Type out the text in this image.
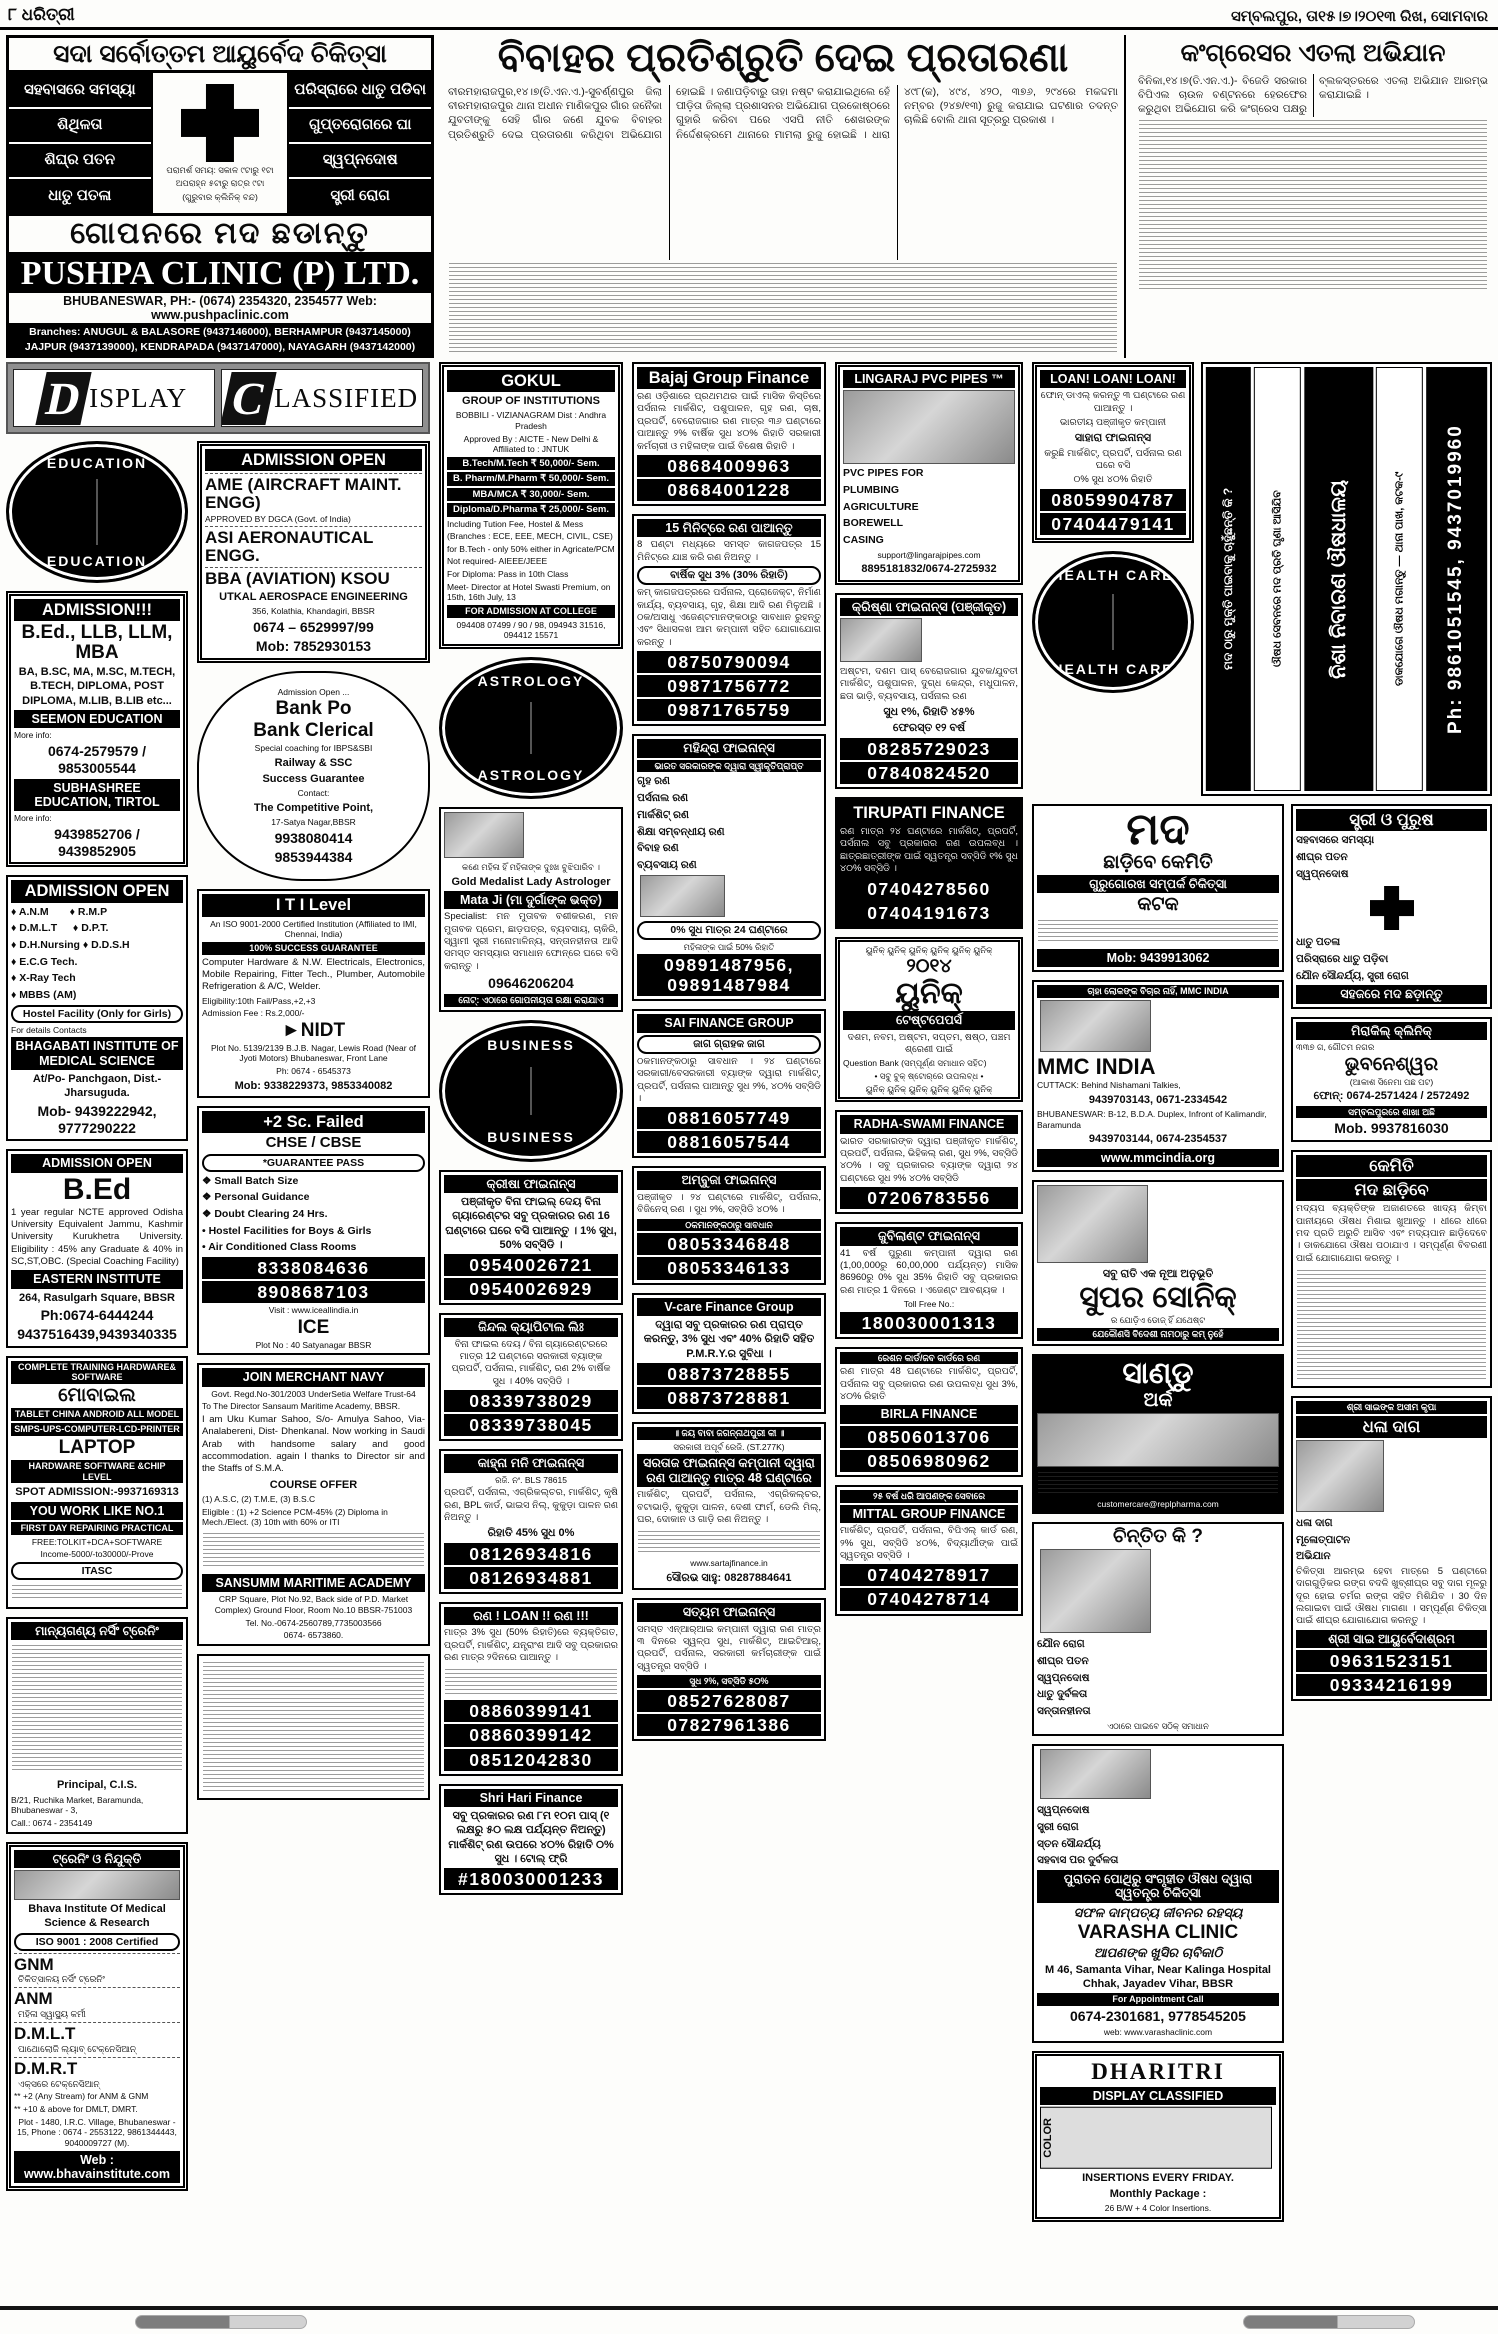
୮ ଧରିତ୍ରୀ	ସମ୍ବଲପୁର, ତା୧୫।୭।୨୦୧୩ ରିଖ, ସୋମବାର
ସଦା ସର୍ବୋତ୍ତମ ଆୟୁର୍ବେଦ ଚିକିତ୍ସା
ସହବାସରେ ସମସ୍ୟା
ଶିଥିଳତା
ଶିଘ୍ର ପତନ
ଧାତୁ ପତଳା
ପରାମର୍ଶ ସମୟ: ସକାଳ ୯ଟାରୁ ୧ଟା
ଅପରାହ୍ନ ୫ଟାରୁ ରାତ୍ର ୯ଟା
(ଗୁରୁବାର କ୍ଲିନିକ୍ ବନ୍ଦ)
ପରିସ୍ରାରେ ଧାତୁ ପଡିବା
ଗୁପ୍ତରୋଗରେ ଘା
ସ୍ୱପ୍ନଦୋଷ
ସ୍ତ୍ରୀ ରୋଗ
ଗୋପନରେ ମଦ ଛଡାନ୍ତୁ
PUSHPA CLINIC (P) LTD.
BHUBANESWAR, PH:- (0674) 2354320, 2354577 Web: www.pushpaclinic.com
Branches: ANUGUL & BALASORE (9437146000), BERHAMPUR (9437145000)
JAJPUR (9437139000), KENDRAPADA (9437147000), NAYAGARH (9437142000)
ବିବାହର ପ୍ରତିଶ୍ରୁତି ଦେଇ ପ୍ରତାରଣା
ବୀରମହାରାଜପୁର,୧୪।୭(ତି.ଏନ.ଏ.)-ସୁବର୍ଣ୍ଣପୁର ଜିଲା ବୀରମହାରାଜପୁର ଥାନା ଅଧୀନ ମାଣିକପୁର ଗାଁର ଜନୈକା ଯୁବତୀଙ୍କୁ ସେହି ଗାଁର ଜଣେ ଯୁବକ ବିବାହର ପ୍ରତିଶ୍ରୁତି ଦେଇ ପ୍ରତାରଣା କରିଥିବା ଅଭିଯୋଗ ହୋଇଛି । ଜଣାପଡ଼ିବାରୁ ତାହା ନଷ୍ଟ କରାଯାଇଥିଲେ ହେଁ ପୀଡ଼ିତା ଜିଲ୍ଲା ପ୍ରଶାସନର ଅଭିଯୋଗ ପ୍ରକୋଷ୍ଠରେ ଗୁହାରି କରିବା ପରେ ଏସପି ନୀତି ଶେଖରଙ୍କ ନିର୍ଦ୍ଦେଶକ୍ରମେ ଥାନାରେ ମାମଲା ରୁଜୁ ହୋଇଛି । ଧାରା ୪୯୮(କ), ୪୯୪, ୪୨୦, ୩୭୬, ୨୯୪ରେ ମକଦ୍ଦମା ନମ୍ବର (୨୪୭/୧୩) ରୁଜୁ କରାଯାଇ ଘଟଣାର ତଦନ୍ତ ଚାଲିଛି ବୋଲି ଥାନା ସୂତ୍ରରୁ ପ୍ରକାଶ ।
କଂଗ୍ରେସର ଏତଲା ଅଭିଯାନ
ବିନିକା,୧୪।୭(ତି.ଏନ.ଏ.)- ବିଜେଡି ସରକାର ବିପିଏଲ ଚାଉଳ ବଣ୍ଟନରେ ହେରଫେର କରୁଥିବା ଅଭିଯୋଗ କରି କଂଗ୍ରେସ ପକ୍ଷରୁ ବ୍ଲକସ୍ତରରେ ଏତଲା ଅଭିଯାନ ଆରମ୍ଭ କରାଯାଇଛି ।
D ISPLAY C LASSIFIED
EDUCATION
EDUCATION
ADMISSION!!!
B.Ed., LLB, LLM, MBA
BA, B.SC, MA, M.SC, M.TECH, B.TECH, DIPLOMA, POST DIPLOMA, M.LIB, B.LIB etc...
SEEMON EDUCATION
More info:
0674-2579579 / 9853005544
SUBHASHREE EDUCATION, TIRTOL
More info:
9439852706 / 9439852905
ADMISSION OPEN
♦ A.N.M  ♦ R.M.P
♦ D.M.L.T  ♦ D.P.T.
♦ D.H.Nursing ♦ D.D.S.H
♦ E.C.G Tech.
♦ X-Ray Tech
♦ MBBS (AM)
Hostel Facility (Only for Girls)
For details Contacts
BHAGABATI INSTITUTE OF MEDICAL SCIENCE
At/Po- Panchgaon, Dist.- Jharsuguda.
Mob- 9439222942, 9777290222
ADMISSION OPEN
B.Ed
1 year regular NCTE approved Odisha University Equivalent Jammu, Kashmir University Kurukhetra University. Eligibility : 45% any Graduate & 40% in SC,ST,OBC. (Special Coaching Facility)
EASTERN INSTITUTE
264, Rasulgarh Square, BBSR
Ph:0674-6444244
9437516439,9439340335
COMPLETE TRAINING HARDWARE& SOFTWARE
ମୋବାଇଲ
TABLET CHINA ANDROID ALL MODEL
SMPS-UPS-COMPUTER-LCD-PRINTER
LAPTOP
HARDWARE SOFTWARE &CHIP LEVEL
SPOT ADMISSION:-9937169313
YOU WORK LIKE NO.1
FIRST DAY REPAIRING PRACTICAL
FREE:TOLKIT+DCA+SOFTWARE
Income-5000/-to30000/-Prove
ITASC
ମାନ୍ୟଗଣ୍ୟ ନର୍ସିଂ ଟ୍ରେନିଂ
Principal, C.I.S.
B/21, Ruchika Market, Baramunda, Bhubaneswar - 3,
Call.: 0674 - 2354149
ଟ୍ରେନିଂ ଓ ନିଯୁକ୍ତି
Bhava Institute Of Medical Science & Research
ISO 9001 : 2008 Certified
GNM
ଚିକିତ୍ସାଳୟ ନର୍ସିଂ ଟ୍ରେନିଂ
ANM
ମହିଳା ସ୍ୱାସ୍ଥ୍ୟ କର୍ମୀ
D.M.L.T
ପାଥୋଲୋଜି ଲ୍ୟାବ୍ ଟେକ୍ନେସିଆନ୍
D.M.R.T
ଏକ୍ସରେ ଟେକ୍ନେସିଆନ୍
** +2 (Any Stream) for ANM & GNM
** +10 & above for DMLT, DMRT.
Plot - 1480, I.R.C. Village, Bhubaneswar - 15, Phone : 0674 - 2553122, 9861344443, 9040009727 (M).
Web : www.bhavainstitute.com
ADMISSION OPEN
AME (AIRCRAFT MAINT. ENGG)
APPROVED BY DGCA (Govt. of India)
ASI AERONAUTICAL ENGG.
BBA (AVIATION) KSOU
UTKAL AEROSPACE ENGINEERING
356, Kolathia, Khandagiri, BBSR
0674 – 6529997/99
Mob: 7852930153
Admission Open ...
Bank Po
Bank Clerical
Special coaching for IBPS&SBI
Railway & SSC
Success Guarantee
Contact:
The Competitive Point,
17-Satya Nagar,BBSR
9938080414
9853944384
I T I Level
An ISO 9001-2000 Certified Institution (Affiliated to IMI, Chennai, India)
100% SUCCESS GUARANTEE
Computer Hardware & N.W. Electricals, Electronics, Mobile Repairing, Fitter Tech., Plumber, Automobile Refrigeration & A/C, Welder.
Eligibility:10th Fail/Pass,+2,+3
Admission Fee : Rs.2,000/-
►NIDT
Plot No. 5139/2139 B.J.B. Nagar, Lewis Road (Near of Jyoti Motors) Bhubaneswar, Front Lane
Ph: 0674 - 6545373
Mob: 9338229373, 9853340082
+2 Sc. Failed
CHSE / CBSE
*GUARANTEE PASS
❖ Small Batch Size
❖ Personal Guidance
❖ Doubt Clearing 24 Hrs.
• Hostel Facilities for Boys & Girls
• Air Conditioned Class Rooms
8338084636
8908687103
Visit : www.iceallindia.in
ICE
Plot No : 40 Satyanagar BBSR
JOIN MERCHANT NAVY
Govt. Regd.No-301/2003 UnderSetia Welfare Trust-64
To The Director Sansaum Maritime Academy, BBSR.
I am Uku Kumar Sahoo, S/o- Amulya Sahoo, Via- Analabereni, Dist- Dhenkanal. Now working in Saudi Arab with handsome salary and good accommodation. again I thanks to Director sir and the Staffs of S.M.A.
COURSE OFFER
(1) A.S.C, (2) T.M.E, (3) B.S.C
Eligible : (1) +2 Science PCM-45% (2) Diploma in Mech./Elect. (3) 10th with 60% or ITI
SANSUMM MARITIME ACADEMY
CRP Square, Plot No.92, Back side of P.D. Market Complex) Ground Floor, Room No.10 BBSR-751003
Tel. No.-0674-2560789,7735003566
0674- 6573860.
GOKUL
GROUP OF INSTITUTIONS
BOBBILI - VIZIANAGRAM Dist : Andhra Pradesh
Approved By : AICTE - New Delhi & Affiliated to : JNTUK
B.Tech/M.Tech ₹ 50,000/- Sem.
B. Pharm/M.Pharm ₹ 50,000/- Sem.
MBA/MCA ₹ 30,000/- Sem.
Diploma/D.Pharma ₹ 25,000/- Sem.
Including Tution Fee, Hostel & Mess
(Branches : ECE, EEE, MECH, CIVIL, CSE)
for B.Tech - only 50% either in Agricate/PCM
Not required- AIEEE/JEEE
For Diploma: Pass in 10th Class
Meet- Director at Hotel Swasti Premium, on 15th, 16th July, 13
FOR ADMISSION AT COLLEGE
094408 07499 / 90 / 98, 094943 31516, 094412 15571
ASTROLOGY
ASTROLOGY
କଣେ ମହିଳା ହିଁ ମହିଳାଙ୍କ ଦୁଃଖ ବୁଝିପାରିବ ।
Gold Medalist Lady Astrologer
Mata Ji (ମା ଦୁର୍ଗାଙ୍କ ଭକ୍ତ)
Specialist: ମନ ମୁତାବକ ବଶୀକରଣ, ମନ ମୁତାବକ ପ୍ରେମ, ଛାଡ଼ପତ୍ର, ବ୍ୟବସାୟ, ଚାକିରି, ସ୍ୱାମୀ ସ୍ତ୍ରୀ ମନୋମାଳିନ୍ୟ, ସନ୍ତାନହୀନତା ଆଦି ସମସ୍ତ ସମସ୍ୟାର ସମାଧାନ ଫୋନ୍‌ରେ ଘରେ ବସି କରାନ୍ତୁ ।
09646206204
ନୋଟ୍: ଏଠାରେ ଗୋପନୀୟତା ରକ୍ଷା କରାଯାଏ
BUSINESS
BUSINESS
କ୍ରୀଷା ଫାଇନାନ୍ସ
ପଞ୍ଜୀକୃତ ବିନା ଫାଇଲ୍ ଦେୟ ବିନା ଗ୍ୟାରେଣ୍ଟର ସବୁ ପ୍ରକାରର ରଣ 16 ଘଣ୍ଟାରେ ଘରେ ବସି ପାଆନ୍ତୁ । 1% ସୁଧ, 50% ସବ୍‌ସିଡି ।
09540026721
09540026929
ଜିନ୍ଦଲ କ୍ୟାପିଟାଲ ଲିଃ
ବିନା ଫାଇଲ ଦେୟ / ବିନା ଗ୍ୟାରେଣ୍ଟରରେ ମାତ୍ର 12 ଘଣ୍ଟାରେ ସରକାରୀ ବ୍ୟାଙ୍କ ପ୍ରପର୍ଟି, ପର୍ସନାଲ, ମାର୍କଶିଟ୍, ରଣ 2% ବାର୍ଷିକ ସୁଧ । 40% ସବ୍‌ସିଡି ।
08339738029
08339738045
କାହ୍ନା ମନି ଫାଇନାନ୍ସ
ରଜି. ନଂ. BLS 78615
ପ୍ରପର୍ଟି, ପର୍ସନାଲ, ଏଗ୍ରିକଲ୍ଚର, ମାର୍କଶିଟ୍, କୃଷି ରଣ, BPL କାର୍ଡ, ଭାଇସ ନିଲ୍, କୁକୁଡ଼ା ପାଳନ ରଣ ନିଅନ୍ତୁ ।
ରିହାତି 45% ସୁଧ 0%
08126934816
08126934881
ରଣ ! LOAN !! ରଣ !!!
ମାତ୍ର 3% ସୁଧ (50% ରିହାତି)ରେ ବ୍ୟକ୍ତିଗତ, ପ୍ରପର୍ଟି, ମାର୍କଶିଟ୍, ଯନ୍ତ୍ରାଂଶ ଆଦି ସବୁ ପ୍ରକାରର ରଣ ମାତ୍ର ୨ଦିନରେ ପାଆନ୍ତୁ ।
08860399141
08860399142
08512042830
Shri Hari Finance
ସବୁ ପ୍ରକାରର ରଣ ୮ମ ୧୦ମ ପାସ୍ (୧ ଲକ୍ଷରୁ ୫୦ ଲକ୍ଷ ପର୍ଯ୍ୟନ୍ତ ନିଅନ୍ତୁ) ମାର୍କଶିଟ୍ ରଣ ଉପରେ ୪୦% ରିହାତି ୦% ସୁଧ । ଟୋଲ୍ ଫ୍ରି
#180030001233
Bajaj Group Finance
ରଣ ଓଡ଼ିଶାରେ ପ୍ରଥମଥର ପାଇଁ ମାସିକ କିସ୍ତିରେ ପର୍ସନାଲ ମାର୍କଶିଟ୍, ପଶୁପାଳନ, ଗୃହ ରଣ, ଚାଷ, ପ୍ରପର୍ଟି, ବେରୋଜଗାର ରଣ ମାତ୍ର ୩୬ ଘଣ୍ଟାରେ ପାଆନ୍ତୁ ୨% ବାର୍ଷିକ ସୁଧ ୪୦% ରିହାତି ସରକାରୀ କର୍ମଚାରୀ ଓ ମହିଳାଙ୍କ ପାଇଁ ବିଶେଷ ରିହାତି ।
08684009963
08684001228
15 ମିନିଟ୍‌ରେ ରଣ ପାଆନ୍ତୁ
8 ଘଣ୍ଟା ମଧ୍ୟରେ ସମସ୍ତ କାଗଜପତ୍ର 15 ମିନିଟ୍‌ରେ ଯାଞ୍ଚ କରି ରଣ ନିଅନ୍ତୁ ।
ବାର୍ଷିକ ସୁଧ 3% (30% ରିହାତି)
କମ୍ କାଗଜପତ୍ରରେ ପର୍ସନାଲ, ପ୍ରୋଜେକ୍ଟ, ନିର୍ମାଣ କାର୍ଯ୍ୟ, ବ୍ୟବସାୟ, ଗୃହ, ଶିକ୍ଷା ଆଦି ରଣ ମିଳୁଅଛି । ଠକ/ଅସାଧୁ ଏଜେଣ୍ଟମାନଙ୍କଠାରୁ ସାବଧାନ ରୁହନ୍ତୁ ଏବଂ ସିଧାସଳଖ ଆମ କମ୍ପାନୀ ସହିତ ଯୋଗାଯୋଗ କରନ୍ତୁ ।
08750790094
09871756772
09871765759
ମହିନ୍ଦ୍ରା ଫାଇନାନ୍ସ
ଭାରତ ସରକାରଙ୍କ ଦ୍ୱାରା ସ୍ୱୀକୃତିପ୍ରାପ୍ତ
ଗୃହ ରଣ
ପର୍ସନାଲ ରଣ
ମାର୍କଶିଟ୍ ରଣ
ଶିକ୍ଷା ସମ୍ବନ୍ଧୀୟ ରଣ
ବିବାହ ରଣ
ବ୍ୟବସାୟ ରଣ
0% ସୁଧ ମାତ୍ର 24 ଘଣ୍ଟାରେ
ମହିଳାଙ୍କ ପାଇଁ 50% ରିହାତି
09891487956, 09891487984
SAI FINANCE GROUP
ଜାଗ ଗ୍ରାହକ ଜାଗ
ଠକମାନଙ୍କଠାରୁ ସାବଧାନ । ୨୪ ଘଣ୍ଟାରେ ସରକାରୀ/ବେସରକାରୀ ବ୍ୟାଙ୍କ ଦ୍ୱାରା ମାର୍କଶିଟ୍, ପ୍ରପର୍ଟି, ପର୍ସନାଲ ପାଆନ୍ତୁ ସୁଧ ୨%, ୪୦% ସବ୍‌ସିଡି ।
08816057749
08816057544
ଅମ୍ବୁଜା ଫାଇନାନ୍ସ
ପଞ୍ଜୀକୃତ । ୨୪ ଘଣ୍ଟାରେ ମାର୍କଶିଟ୍, ପର୍ସନାଲ, ବିଜିନେସ୍ ରଣ । ସୁଧ ୨%, ସବ୍‌ସିଡି ୪୦% ।
ଠକମାନଙ୍କଠାରୁ ସାବଧାନ
08053346848
08053346133
V-care Finance Group
ଦ୍ୱାରା ସବୁ ପ୍ରକାରର ରଣ ପ୍ରାପ୍ତ କରନ୍ତୁ, 3% ସୁଧ ଏବଂ 40% ରିହାତି ସହିତ P.M.R.Y.ର ସୁବିଧା ।
08873728855
08873728881
॥ ଜୟ ବାବା ଜଗନ୍ନାଥପୁରୀ କୀ ॥
ସରକାରୀ ଅପୂର୍ବ ରେଜି. (ST.277K)
ସରତାଜ ଫାଇନାନ୍ସ କମ୍ପାନୀ ଦ୍ୱାରା ରଣ ପାଆନ୍ତୁ ମାତ୍ର 48 ଘଣ୍ଟାରେ
ମାର୍କଶିଟ୍, ପ୍ରପର୍ଟି, ପର୍ସନାଲ, ଏଗ୍ରିକଲ୍ଚର, ବଟାଭାଡ଼ି, କୁକୁଡ଼ା ପାଳନ, ଦେଶୀ ଫାର୍ମ, ଡେଲି ମିଲ୍, ଘର, ଦୋକାନ ଓ ଗାଡ଼ି ରଣ ନିଅନ୍ତୁ ।
www.sartajfinance.in
ସୌରଭ ସାହୁ: 08287884641
ସତ୍ୟମ ଫାଇନାନ୍ସ
ସମସ୍ତ ଏନ୍‌ଆର୍‌ଆଇ କମ୍ପାନୀ ଦ୍ୱାରା ରଣ ମାତ୍ର ୩ ଦିନରେ ସ୍ୱଳ୍ପ ସୁଧ, ମାର୍କଶିଟ୍, ଆଇଟିଆର୍, ପ୍ରପର୍ଟି, ପର୍ସନାଲ, ସରକାରୀ କର୍ମଚାରୀଙ୍କ ପାଇଁ ସ୍ୱତନ୍ତ୍ର ସବ୍‌ସିଡି ।
ସୁଧ ୨%, ସବ୍‌ସିଡି ୫୦%
08527628087
07827961386
LINGARAJ PVC PIPES ™
PVC PIPES FOR
PLUMBING
AGRICULTURE
BOREWELL
CASING
support@lingarajpipes.com
8895181832/0674-2725932
କ୍ରିଷ୍ଣା ଫାଇନାନ୍ସ (ପଞ୍ଜୀକୃତ)
ଅଷ୍ଟମ, ଦଶମ ପାସ୍ ବେରୋଜଗାର ଯୁବକ/ଯୁବତୀ ମାର୍କଶିଟ୍, ପଶୁପାଳନ, ଦୁଗ୍ଧ କେନ୍ଦ୍ର, ମଧୁପାଳନ, ଛତା ଭାଡ଼ି, ବ୍ୟବସାୟ, ପର୍ସନାଲ ରଣ
ସୁଧ ୧%, ରିହାତି ୪୫%
ଫେରସ୍ତ ୧୨ ବର୍ଷ
08285729023
07840824520
TIRUPATI FINANCE
ରଣ ମାତ୍ର ୨୪ ଘଣ୍ଟାରେ ମାର୍କଶିଟ୍, ପ୍ରପର୍ଟି, ପର୍ସନାଲ ସବୁ ପ୍ରକାରର ରଣ ଉପଲବ୍ଧ । ଛାତ୍ରଛାତ୍ରୀଙ୍କ ପାଇଁ ସ୍ୱତନ୍ତ୍ର ସବ୍‌ସିଡି ୧% ସୁଧ ୪୦% ସବ୍‌ସିଡି ।
07404278560
07404191673
ୟୁନିକ୍ ୟୁନିକ୍ ୟୁନିକ୍ ୟୁନିକ୍ ୟୁନିକ୍ ୟୁନିକ୍
୨୦୧୪
ୟୁନିକ୍
ଟେଷ୍ଟପେପର୍ସ
ଦଶମ, ନବମ, ଅଷ୍ଟମ, ସପ୍ତମ, ଷଷ୍ଠ, ପଞ୍ଚମ ଶ୍ରେଣୀ ପାଇଁ
Question Bank (ସମ୍ପୂର୍ଣ୍ଣ ସମାଧାନ ସହିତ)
• ସବୁ ବୁକ୍ ଷ୍ଟୋର୍‌ରେ ଉପଲବ୍ଧ •
ୟୁନିକ୍ ୟୁନିକ୍ ୟୁନିକ୍ ୟୁନିକ୍ ୟୁନିକ୍ ୟୁନିକ୍
RADHA-SWAMI FINANCE
ଭାରତ ସରକାରଙ୍କ ଦ୍ୱାରା ପଞ୍ଜୀକୃତ ମାର୍କଶିଟ୍, ପ୍ରପର୍ଟି, ପର୍ସନାଲ, ଭିହିକଲ୍ ରଣ, ସୁଧ ୨%, ସବ୍‌ସିଡି ୪୦% । ସବୁ ପ୍ରକାରର ବ୍ୟାଙ୍କ ଦ୍ୱାରା ୨୪ ଘଣ୍ଟାରେ ସୁଧ ୨% ୪୦% ସବ୍‌ସିଡି
07206783556
ଜୁବିଲାଣ୍ଟ ଫାଇନାନ୍ସ
41 ବର୍ଷ ପୁରୁଣା କମ୍ପାନୀ ଦ୍ୱାରା ରଣ (1,00,000ରୁ 60,00,000 ପର୍ଯ୍ୟନ୍ତ) ମାସିକ 86960ରୁ 0% ସୁଧ 35% ରିହାତି ସବୁ ପ୍ରକାରର ରଣ ମାତ୍ର 1 ଦିନରେ । ଏଜେଣ୍ଟ ଆବଶ୍ୟକ ।
Toll Free No.:
180030001313
ରେଶନ କାର୍ଡ/ଜବ କାର୍ଡରେ ରଣ
ରଣ ମାତ୍ର 48 ଘଣ୍ଟାରେ ମାର୍କଶିଟ୍, ପ୍ରପର୍ଟି, ପର୍ସନାଲ ସବୁ ପ୍ରକାରର ରଣ ଉପଲବ୍ଧ ସୁଧ 3%, ୪୦% ରିହାତି
BIRLA FINANCE
08506013706
08506980962
୨୫ ବର୍ଷ ଧରି ଆପଣଙ୍କ ସେବାରେ
MITTAL GROUP FINANCE
ମାର୍କଶିଟ୍, ପ୍ରପର୍ଟି, ପର୍ସନାଲ, ବିପିଏଲ୍ କାର୍ଡ ରଣ, ୨% ସୁଧ, ସବ୍‌ସିଡି ୪୦%, ବିଦ୍ୟାର୍ଥୀଙ୍କ ପାଇଁ ସ୍ୱତନ୍ତ୍ର ସବ୍‌ସିଡି ।
07404278917
07404278714
LOAN! LOAN! LOAN!
ଫୋନ୍ ଡାଏଲ୍ କରନ୍ତୁ ୩ ଘଣ୍ଟାରେ ରଣ ପାଆନ୍ତୁ ।
ଭାରତୀୟ ପଞ୍ଜୀକୃତ କମ୍ପାନୀ
ସାହାରା ଫାଇନାନ୍ସ
କରୁଛି ମାର୍କଶିଟ୍, ପ୍ରପର୍ଟି, ପର୍ସନାଲ ରଣ ଘରେ ବସି
୦% ସୁଧ ୪୦% ରିହାତି
08059904787
07404479141
HEALTH CARE
HEALTH CARE	ମଦ ଠାରୁ ମୁକ୍ତି ପାଇବାକୁ ଚାହୁଁଛନ୍ତି କି ?	ଔଷଧ ସେବନରେ ମଦ ପ୍ରତି ଘୃଣା ଆସିଯିବ	ନିଶା ନିବାରଣ ଔଷଧାଳୟ	ଡାକଯୋଗେ ଔଷଧ ମଗାନ୍ତୁ — ଥାନା ପାଖ, କଟକ-୯	Ph: 9861051545, 9437019960
ମଦ
ଛାଡ଼ିବେ କେମିତି
ଗୁରୁଗୋରଖ ସମ୍ପର୍କ ଚିକିତ୍ସା
କଟକ
Mob: 9439913062
ଚାହା ଲୋକଙ୍କ ବିଚାର ନାହିଁ, MMC INDIA
MMC INDIA
CUTTACK: Behind Nishamani Talkies,
9439703143, 0671-2334542
BHUBANESWAR: B-12, B.D.A. Duplex, Infront of Kalimandir, Baramunda
9439703144, 0674-2354537
www.mmcindia.org
ସବୁ ରାତି ଏକ ନୂଆ ଅନୁଭୂତି
ସୁପର ସୋନିକ୍
ର ଯୋଡ଼ିଏ ଡୋଜ୍ ହିଁ ଯଥେଷ୍ଟ
ଯେକୌଣସି ବିଦେଶୀ ନାମଠାରୁ କମ୍ ନୁହେଁ
ସାଣ୍ଡୁ
ଅର୍କ
customercare@replpharma.com
ଚିନ୍ତିତ କି ?
ଯୌନ ରୋଗ
ଶୀଘ୍ର ପତନ
ସ୍ୱପ୍ନଦୋଷ
ଧାତୁ ଦୁର୍ବଳତା
ସନ୍ତାନହୀନତା
ଏଠାରେ ପାଇବେ ସଠିକ୍ ସମାଧାନ
ସ୍ୱପ୍ନଦୋଷ
ସ୍ତ୍ରୀ ରୋଗ
ସ୍ତନ ସୌନ୍ଦର୍ଯ୍ୟ
ସହବାସ ପର ଦୁର୍ବଳତା
ପୁରାତନ ପୋଥିରୁ ସଂଗୃହୀତ ଔଷଧ ଦ୍ୱାରା ସ୍ୱତନ୍ତ୍ର ଚିକିତ୍ସା
ସଫଳ ଦାମ୍ପତ୍ୟ ଜୀବନର ରହସ୍ୟ
VARASHA CLINIC
ଆପଣଙ୍କ ଖୁସିର ଚାବିକାଠି
M 46, Samanta Vihar, Near Kalinga Hospital Chhak, Jayadev Vihar, BBSR
For Appointment Call
0674-2301681, 9778545205
web: www.varashaclinic.com
DHARITRI
DISPLAY CLASSIFIED
COLOR
INSERTIONS EVERY FRIDAY.
Monthly Package :
26 B/W + 4 Color Insertions.
ସ୍ତ୍ରୀ ଓ ପୁରୁଷ
ସହବାସରେ ସମସ୍ୟା
ଶୀଘ୍ର ପତନ
ସ୍ୱପ୍ନଦୋଷ
ଧାତୁ ପତଳା
ପରିସ୍ରାରେ ଧାତୁ ପଡ଼ିବା
ଯୌନ ସୌନ୍ଦର୍ଯ୍ୟ, ସ୍ତ୍ରୀ ରୋଗ
ସହଜରେ ମଦ ଛଡ଼ାନ୍ତୁ
ମିରାକିଲ୍ କ୍ଲିନିକ୍
୩୩୭ ଗ, ଗୌତମ ନଗର
ଭୁବନେଶ୍ୱର
(ଆକାଶ ସିନେମା ପଛ ପଟ)
ଫୋନ୍: 0674-2571424 / 2572492
ସମ୍ବଲପୁରରେ ଶାଖା ଅଛି
Mob. 9937816030
କେମିତି
ମଦ ଛାଡ଼ିବେ
ମଦ୍ୟପ ବ୍ୟକ୍ତିଙ୍କ ଅଜାଣତରେ ଖାଦ୍ୟ କିମ୍ବା ପାନୀୟରେ ଔଷଧ ମିଶାଇ ଖୁଆନ୍ତୁ । ଧୀରେ ଧୀରେ ମଦ ପ୍ରତି ଅରୁଚି ଆସିବ ଏବଂ ମଦ୍ୟପାନ ଛାଡ଼ିଦେବେ । ଡାକଯୋଗେ ଔଷଧ ପଠାଯାଏ । ସମ୍ପୂର୍ଣ୍ଣ ବିବରଣୀ ପାଇଁ ଯୋଗାଯୋଗ କରନ୍ତୁ ।
ଶ୍ରୀ ସାଇଙ୍କ ଅସୀମ କୃପା
ଧଳା ଦାଗ
ଧଳା ଦାଗ
ମୂଳୋତ୍ପାଟନ
ଅଭିଯାନ
ଚିକିତ୍ସା ଆରମ୍ଭ ହେବା ମାତ୍ରେ 5 ଘଣ୍ଟାରେ ଦାଗଗୁଡ଼ିକର ରଙ୍ଗ ବଦଳି ଖୁବ୍‌ଶୀଘ୍ର ସବୁ ଦାଗ ମୂଳରୁ ଦୂର ହୋଇ ଚର୍ମର ରଙ୍ଗ ସହିତ ମିଶିଯିବ । 30 ଦିନ ଲଗାଇବା ପାଇଁ ଔଷଧ ମାଗଣା । ସମ୍ପୂର୍ଣ୍ଣ ଚିକିତ୍ସା ପାଇଁ ଶୀଘ୍ର ଯୋଗାଯୋଗ କରନ୍ତୁ ।
ଶ୍ରୀ ସାଇ ଆୟୁର୍ବେଦାଶ୍ରମ
09631523151
09334216199
